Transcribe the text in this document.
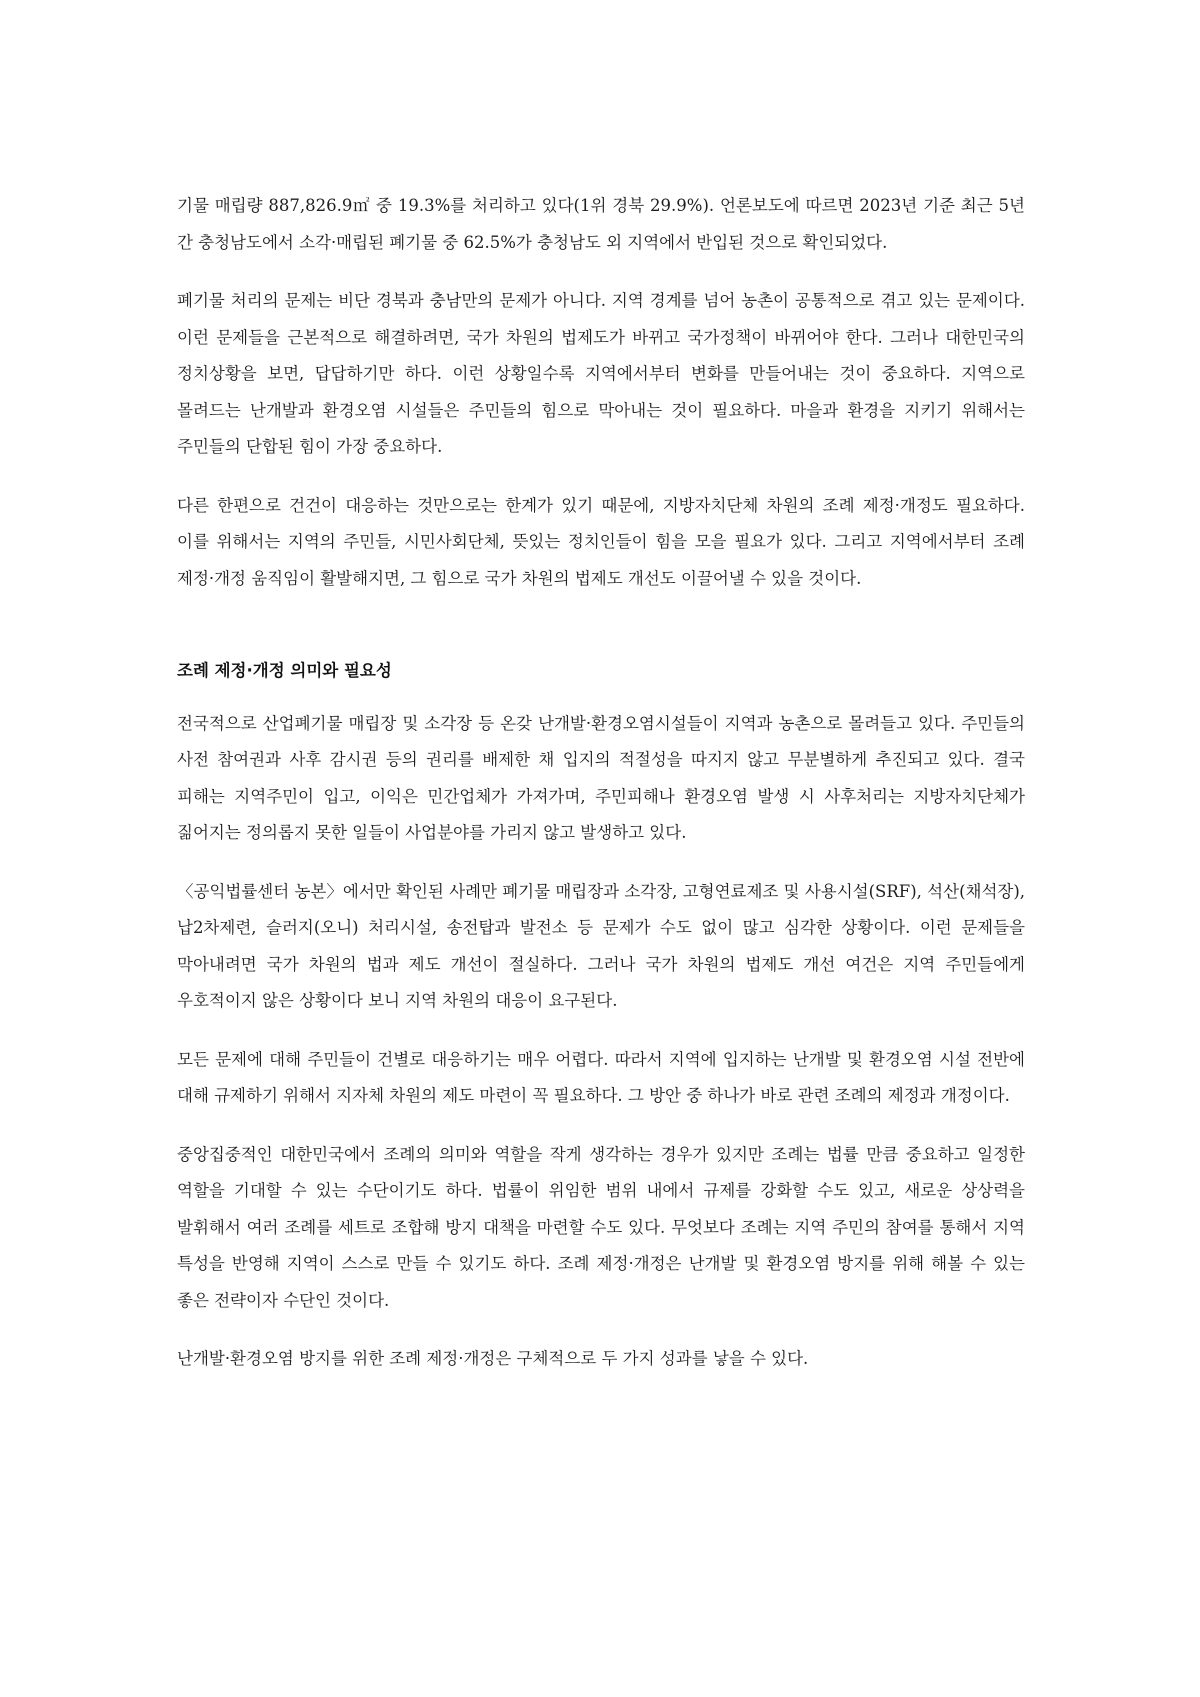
기물 매립량 887,826.9㎡ 중 19.3%를 처리하고 있다(1위 경북 29.9%). 언론보도에 따르면 2023년 기준 최근 5년 간 충청남도에서 소각·매립된 폐기물 중 62.5%가 충청남도 외 지역에서 반입된 것으로 확인되었다.

폐기물 처리의 문제는 비단 경북과 충남만의 문제가 아니다. 지역 경계를 넘어 농촌이 공통적으로 겪고 있는 문제이다. 이런 문제들을 근본적으로 해결하려면, 국가 차원의 법제도가 바뀌고 국가정책이 바뀌어야 한다. 그러나 대한민국의 정치상황을 보면, 답답하기만 하다. 이런 상황일수록 지역에서부터 변화를 만들어내는 것이 중요하다. 지역으로 몰려드는 난개발과 환경오염 시설들은 주민들의 힘으로 막아내는 것이 필요하다. 마을과 환경을 지키기 위해서는 주민들의 단합된 힘이 가장 중요하다.

다른 한편으로 건건이 대응하는 것만으로는 한계가 있기 때문에, 지방자치단체 차원의 조례 제정·개정도 필요하다. 이를 위해서는 지역의 주민들, 시민사회단체, 뜻있는 정치인들이 힘을 모을 필요가 있다. 그리고 지역에서부터 조례 제정·개정 움직임이 활발해지면, 그 힘으로 국가 차원의 법제도 개선도 이끌어낼 수 있을 것이다.

조례 제정·개정 의미와 필요성

전국적으로 산업폐기물 매립장 및 소각장 등 온갖 난개발·환경오염시설들이 지역과 농촌으로 몰려들고 있다. 주민들의 사전 참여권과 사후 감시권 등의 권리를 배제한 채 입지의 적절성을 따지지 않고 무분별하게 추진되고 있다. 결국 피해는 지역주민이 입고, 이익은 민간업체가 가져가며, 주민피해나 환경오염 발생 시 사후처리는 지방자치단체가 짊어지는 정의롭지 못한 일들이 사업분야를 가리지 않고 발생하고 있다.

〈공익법률센터 농본〉에서만 확인된 사례만 폐기물 매립장과 소각장, 고형연료제조 및 사용시설(SRF), 석산(채석장), 납2차제련, 슬러지(오니) 처리시설, 송전탑과 발전소 등 문제가 수도 없이 많고 심각한 상황이다. 이런 문제들을 막아내려면 국가 차원의 법과 제도 개선이 절실하다. 그러나 국가 차원의 법제도 개선 여건은 지역 주민들에게 우호적이지 않은 상황이다 보니 지역 차원의 대응이 요구된다.

모든 문제에 대해 주민들이 건별로 대응하기는 매우 어렵다. 따라서 지역에 입지하는 난개발 및 환경오염 시설 전반에 대해 규제하기 위해서 지자체 차원의 제도 마련이 꼭 필요하다. 그 방안 중 하나가 바로 관련 조례의 제정과 개정이다.

중앙집중적인 대한민국에서 조례의 의미와 역할을 작게 생각하는 경우가 있지만 조례는 법률 만큼 중요하고 일정한 역할을 기대할 수 있는 수단이기도 하다. 법률이 위임한 범위 내에서 규제를 강화할 수도 있고, 새로운 상상력을 발휘해서 여러 조례를 세트로 조합해 방지 대책을 마련할 수도 있다. 무엇보다 조례는 지역 주민의 참여를 통해서 지역 특성을 반영해 지역이 스스로 만들 수 있기도 하다. 조례 제정·개정은 난개발 및 환경오염 방지를 위해 해볼 수 있는 좋은 전략이자 수단인 것이다.

난개발·환경오염 방지를 위한 조례 제정·개정은 구체적으로 두 가지 성과를 낳을 수 있다.
